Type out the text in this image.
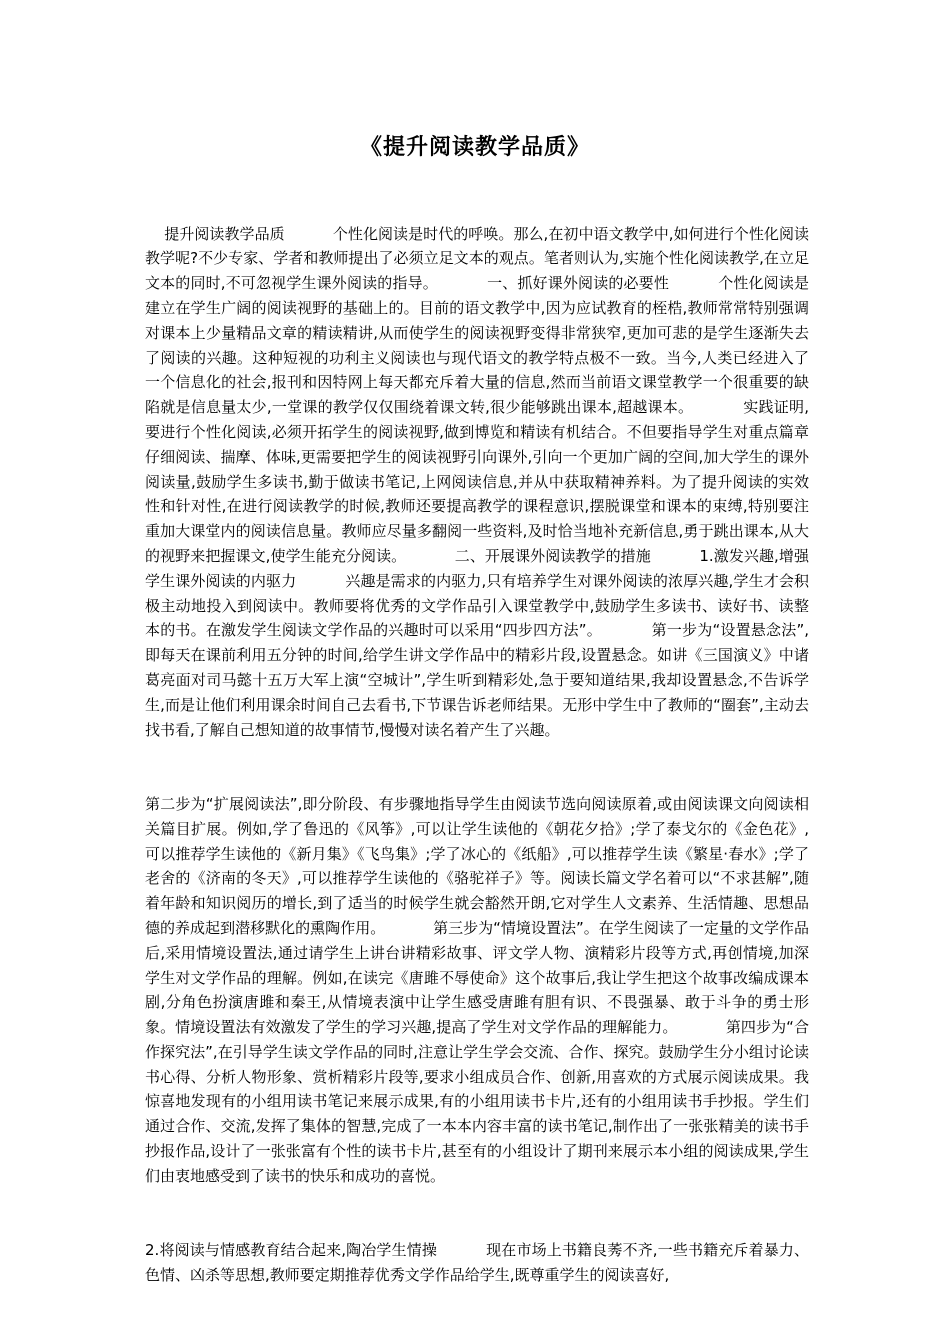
《提升阅读教学品质》

提升阅读教学品质          个性化阅读是时代的呼唤。那么,在初中语文教学中,如何进行个性化阅读教学呢?不少专家、学者和教师提出了必须立足文本的观点。笔者则认为,实施个性化阅读教学,在立足文本的同时,不可忽视学生课外阅读的指导。          一、抓好课外阅读的必要性          个性化阅读是建立在学生广阔的阅读视野的基础上的。目前的语文教学中,因为应试教育的桎梏,教师常常特别强调对课本上少量精品文章的精读精讲,从而使学生的阅读视野变得非常狭窄,更加可悲的是学生逐渐失去了阅读的兴趣。这种短视的功利主义阅读也与现代语文的教学特点极不一致。当今,人类已经进入了一个信息化的社会,报刊和因特网上每天都充斥着大量的信息,然而当前语文课堂教学一个很重要的缺陷就是信息量太少,一堂课的教学仅仅围绕着课文转,很少能够跳出课本,超越课本。          实践证明,要进行个性化阅读,必须开拓学生的阅读视野,做到博览和精读有机结合。不但要指导学生对重点篇章仔细阅读、揣摩、体味,更需要把学生的阅读视野引向课外,引向一个更加广阔的空间,加大学生的课外阅读量,鼓励学生多读书,勤于做读书笔记,上网阅读信息,并从中获取精神养料。为了提升阅读的实效性和针对性,在进行阅读教学的时候,教师还要提高教学的课程意识,摆脱课堂和课本的束缚,特别要注重加大课堂内的阅读信息量。教师应尽量多翻阅一些资料,及时恰当地补充新信息,勇于跳出课本,从大的视野来把握课文,使学生能充分阅读。          二、开展课外阅读教学的措施          1.激发兴趣,增强学生课外阅读的内驱力          兴趣是需求的内驱力,只有培养学生对课外阅读的浓厚兴趣,学生才会积极主动地投入到阅读中。教师要将优秀的文学作品引入课堂教学中,鼓励学生多读书、读好书、读整本的书。在激发学生阅读文学作品的兴趣时可以采用“四步四方法”。          第一步为“设置悬念法”,即每天在课前利用五分钟的时间,给学生讲文学作品中的精彩片段,设置悬念。如讲《三国演义》中诸葛亮面对司马懿十五万大军上演“空城计”,学生听到精彩处,急于要知道结果,我却设置悬念,不告诉学生,而是让他们利用课余时间自己去看书,下节课告诉老师结果。无形中学生中了教师的“圈套”,主动去找书看,了解自己想知道的故事情节,慢慢对读名着产生了兴趣。

第二步为“扩展阅读法”,即分阶段、有步骤地指导学生由阅读节选向阅读原着,或由阅读课文向阅读相关篇目扩展。例如,学了鲁迅的《风筝》,可以让学生读他的《朝花夕拾》;学了泰戈尔的《金色花》,可以推荐学生读他的《新月集》《飞鸟集》;学了冰心的《纸船》,可以推荐学生读《繁星·春水》;学了老舍的《济南的冬天》,可以推荐学生读他的《骆驼祥子》等。阅读长篇文学名着可以“不求甚解”,随着年龄和知识阅历的增长,到了适当的时候学生就会豁然开朗,它对学生人文素养、生活情趣、思想品德的养成起到潜移默化的熏陶作用。          第三步为“情境设置法”。在学生阅读了一定量的文学作品后,采用情境设置法,通过请学生上讲台讲精彩故事、评文学人物、演精彩片段等方式,再创情境,加深学生对文学作品的理解。例如,在读完《唐雎不辱使命》这个故事后,我让学生把这个故事改编成课本剧,分角色扮演唐雎和秦王,从情境表演中让学生感受唐雎有胆有识、不畏强暴、敢于斗争的勇士形象。情境设置法有效激发了学生的学习兴趣,提高了学生对文学作品的理解能力。          第四步为“合作探究法”,在引导学生读文学作品的同时,注意让学生学会交流、合作、探究。鼓励学生分小组讨论读书心得、分析人物形象、赏析精彩片段等,要求小组成员合作、创新,用喜欢的方式展示阅读成果。我惊喜地发现有的小组用读书笔记来展示成果,有的小组用读书卡片,还有的小组用读书手抄报。学生们通过合作、交流,发挥了集体的智慧,完成了一本本内容丰富的读书笔记,制作出了一张张精美的读书手抄报作品,设计了一张张富有个性的读书卡片,甚至有的小组设计了期刊来展示本小组的阅读成果,学生们由衷地感受到了读书的快乐和成功的喜悦。

2.将阅读与情感教育结合起来,陶冶学生情操          现在市场上书籍良莠不齐,一些书籍充斥着暴力、色情、凶杀等思想,教师要定期推荐优秀文学作品给学生,既尊重学生的阅读喜好,
